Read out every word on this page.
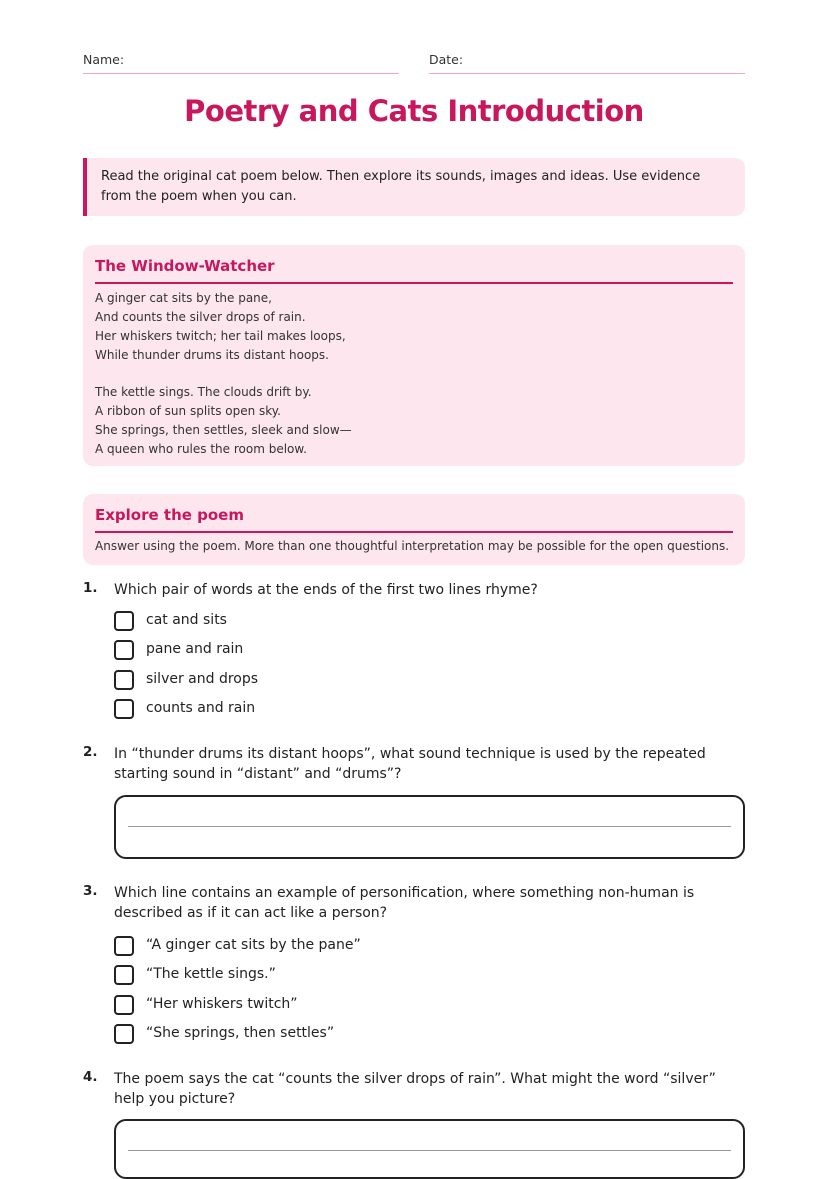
Name:	Date:
Poetry and Cats Introduction
Read the original cat poem below. Then explore its sounds, images and ideas. Use evidence from the poem when you can.
The Window-Watcher
A ginger cat sits by the pane,
And counts the silver drops of rain.
Her whiskers twitch; her tail makes loops,
While thunder drums its distant hoops.
The kettle sings. The clouds drift by.
A ribbon of sun splits open sky.
She springs, then settles, sleek and slow—
A queen who rules the room below.
Explore the poem
Answer using the poem. More than one thoughtful interpretation may be possible for the open questions.
1. Which pair of words at the ends of the first two lines rhyme?
cat and sits
pane and rain
silver and drops
counts and rain
2. In “thunder drums its distant hoops”, what sound technique is used by the repeated starting sound in “distant” and “drums”?
3. Which line contains an example of personification, where something non-human is described as if it can act like a person?
“A ginger cat sits by the pane”
“The kettle sings.”
“Her whiskers twitch”
“She springs, then settles”
4. The poem says the cat “counts the silver drops of rain”. What might the word “silver” help you picture?
